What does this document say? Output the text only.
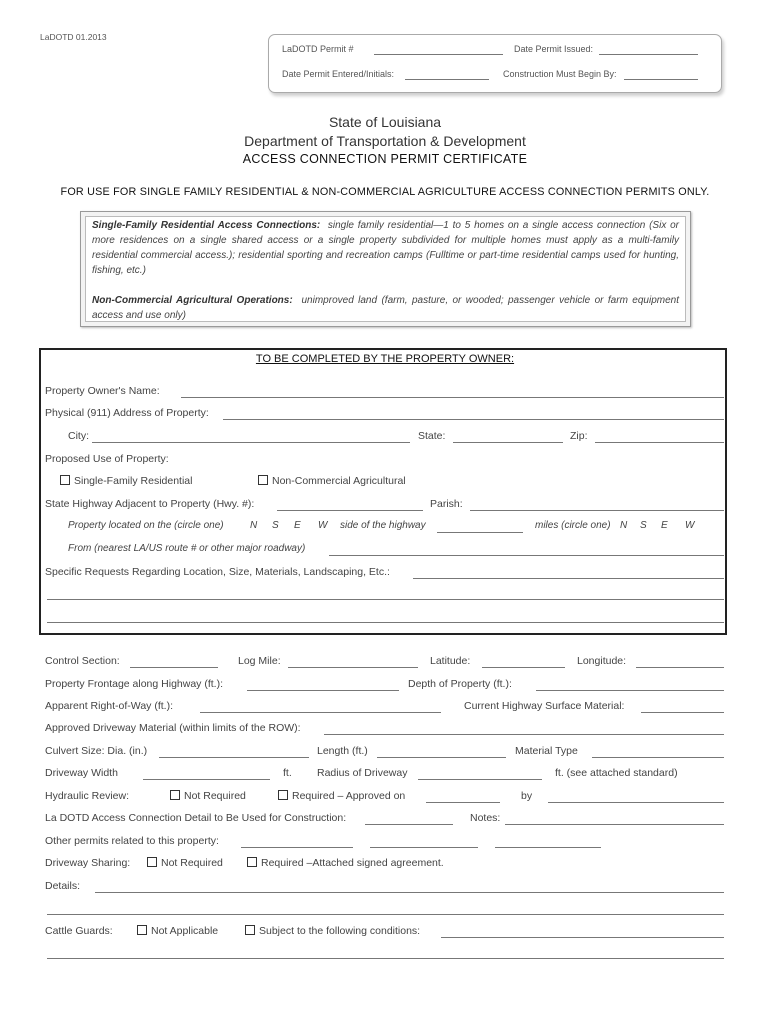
LaDOTD 01.2013
LaDOTD Permit #	Date Permit Issued:
Date Permit Entered/Initials:	Construction Must Begin By:
State of Louisiana
Department of Transportation & Development
ACCESS CONNECTION PERMIT CERTIFICATE
FOR USE FOR SINGLE FAMILY RESIDENTIAL & NON-COMMERCIAL AGRICULTURE ACCESS CONNECTION PERMITS ONLY.

Single-Family Residential Access Connections: single family residential—1 to 5 homes on a single access connection (Six or more residences on a single shared access or a single property subdivided for multiple homes must apply as a multi-family residential commercial access.); residential sporting and recreation camps (Fulltime or part-time residential camps used for hunting, fishing, etc.)

Non-Commercial Agricultural Operations: unimproved land (farm, pasture, or wooded; passenger vehicle or farm equipment access and use only)

TO BE COMPLETED BY THE PROPERTY OWNER:
Property Owner's Name:
Physical (911) Address of Property:
City:	State:	Zip:
Proposed Use of Property:
Single-Family Residential	Non-Commercial Agricultural
State Highway Adjacent to Property (Hwy. #):	Parish:
Property located on the (circle one)	N S E W side of the highway	miles (circle one) N S E W
From (nearest LA/US route # or other major roadway)
Specific Requests Regarding Location, Size, Materials, Landscaping, Etc.:
Control Section:	Log Mile:	Latitude:	Longitude:
Property Frontage along Highway (ft.):	Depth of Property (ft.):
Apparent Right-of-Way (ft.):	Current Highway Surface Material:
Approved Driveway Material (within limits of the ROW):
Culvert Size: Dia. (in.)	Length (ft.)	Material Type
Driveway Width	ft. Radius of Driveway	ft. (see attached standard)
Hydraulic Review:	Not Required	Required – Approved on	by
La DOTD Access Connection Detail to Be Used for Construction:	Notes:
Other permits related to this property:
Driveway Sharing:	Not Required	Required –Attached signed agreement.
Details:
Cattle Guards:	Not Applicable	Subject to the following conditions:
